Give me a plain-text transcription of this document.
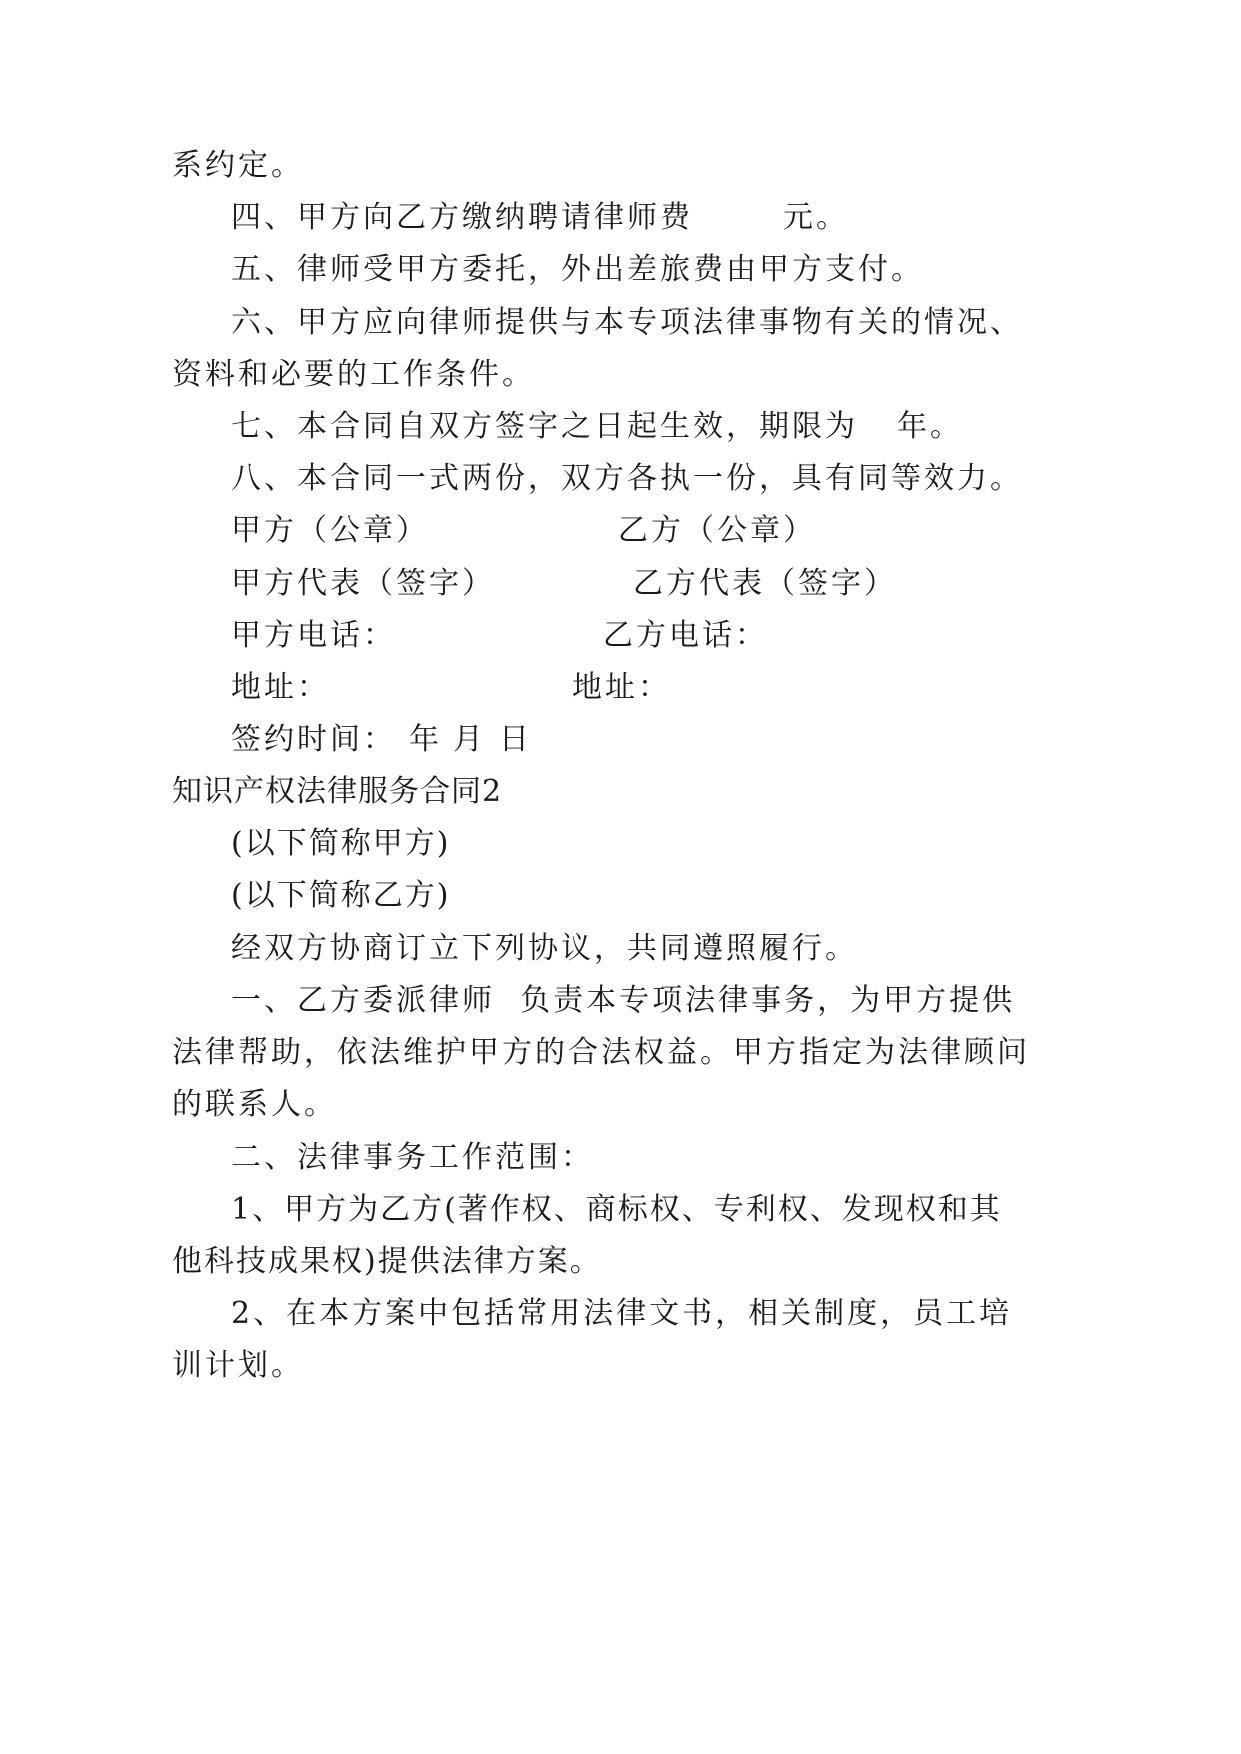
系约定。
四、甲方向乙方缴纳聘请律师费	元。
五、律师受甲方委托，外出差旅费由甲方支付。
六、甲方应向律师提供与本专项法律事物有关的情况、
资料和必要的工作条件。
七、本合同自双方签字之日起生效，期限为 年。
八、本合同一式两份，双方各执一份，具有同等效力。
甲方（公章）	乙方（公章）
甲方代表（签字）	乙方代表（签字）
甲方电话：	乙方电话：
地址：	地址：
签约时间： 年 月 日
知识产权法律服务合同2
(以下简称甲方)
(以下简称乙方)
经双方协商订立下列协议，共同遵照履行。
一、乙方委派律师  负责本专项法律事务，为甲方提供
法律帮助，依法维护甲方的合法权益。甲方指定为法律顾问
的联系人。
二、法律事务工作范围：
1、甲方为乙方(著作权、商标权、专利权、发现权和其
他科技成果权)提供法律方案。
2、在本方案中包括常用法律文书，相关制度，员工培
训计划。
